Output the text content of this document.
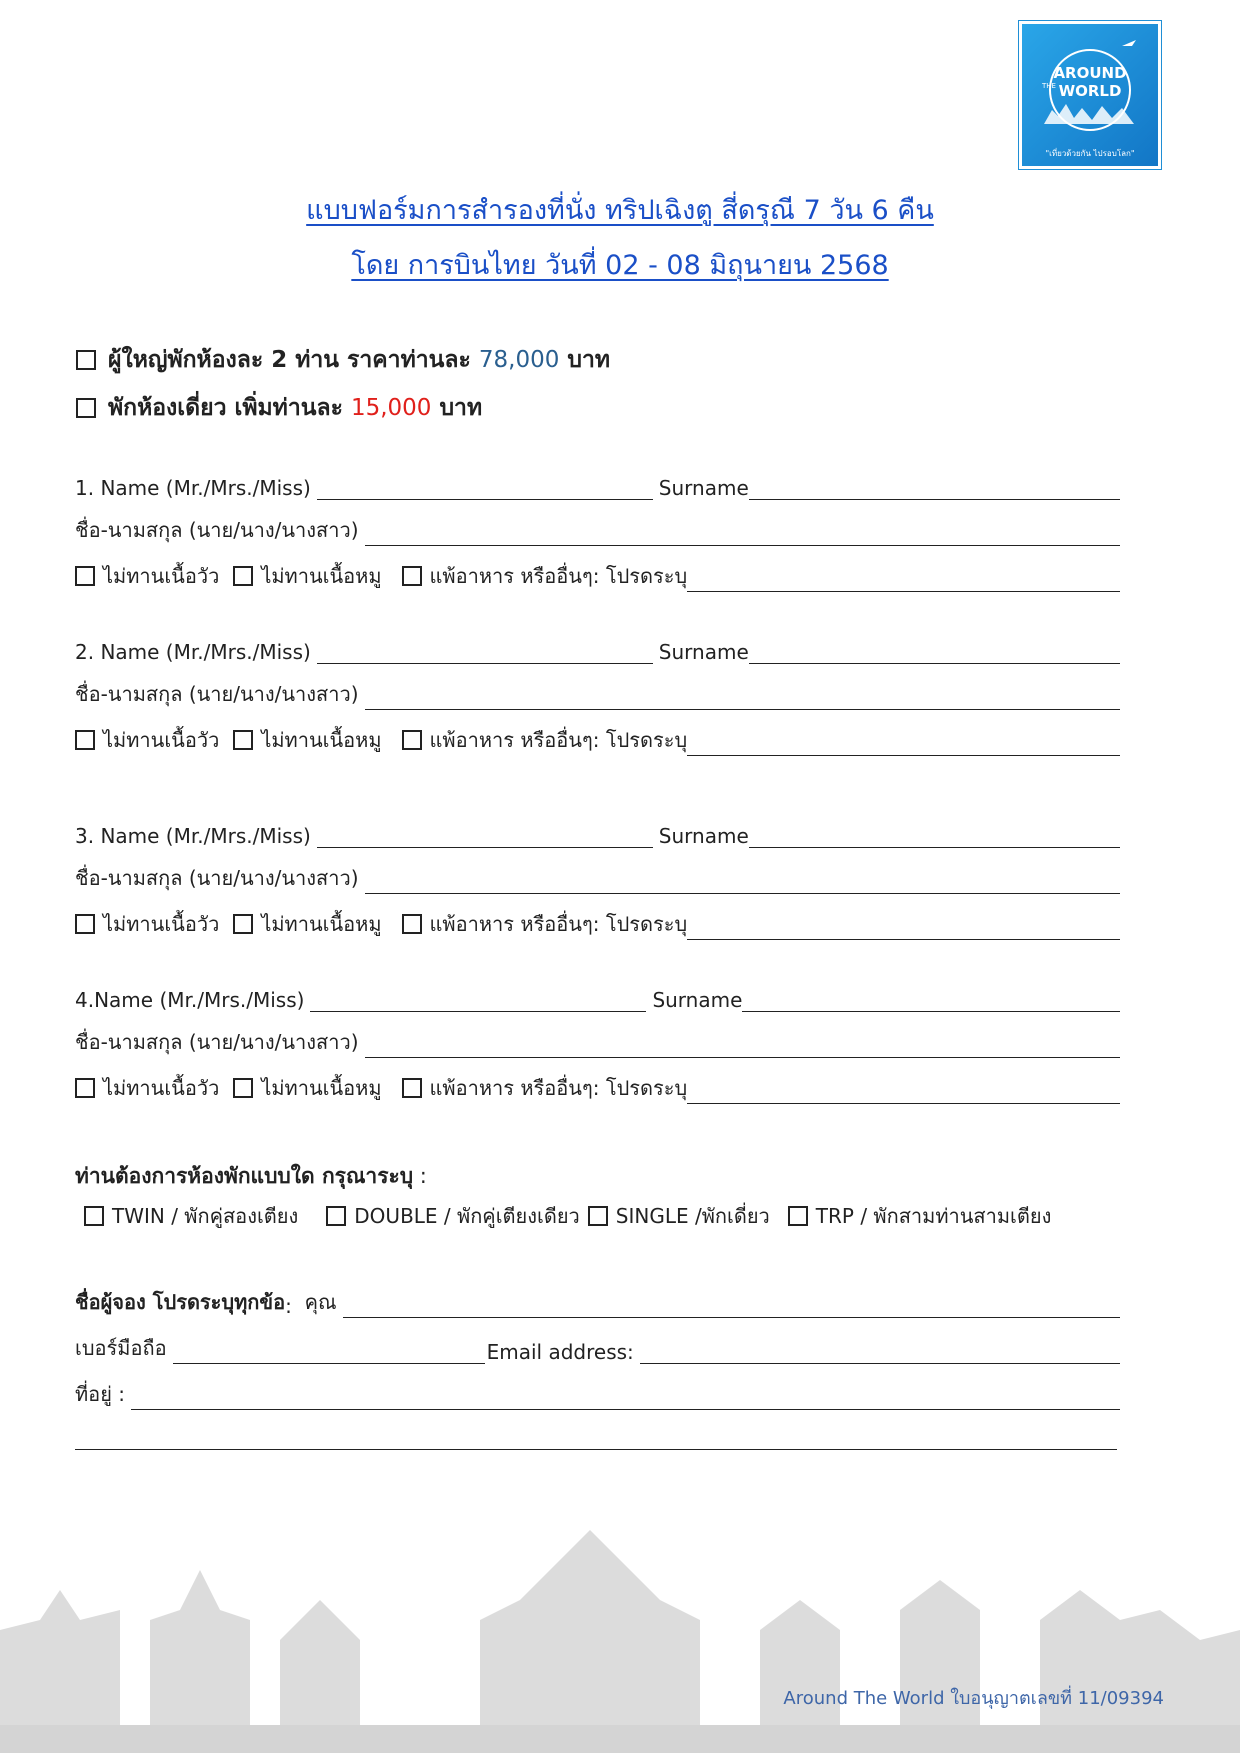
AROUND
THE WORLD
"เที่ยวด้วยกัน ไปรอบโลก"
แบบฟอร์มการสำรองที่นั่ง ทริปเฉิงตู สี่ดรุณี 7 วัน 6 คืน
โดย การบินไทย วันที่ 02 - 08 มิถุนายน 2568
ผู้ใหญ่พักห้องละ 2 ท่าน ราคาท่านละ
78,000
บาท
พักห้องเดี่ยว เพิ่มท่านละ
15,000
บาท
1. Name (Mr./Mrs./Miss)	Surname
ชื่อ-นามสกุล (นาย/นาง/นางสาว)
ไม่ทานเนื้อวัว ไม่ทานเนื้อหมู แพ้อาหาร หรืออื่นๆ: โปรดระบุ
2. Name (Mr./Mrs./Miss)	Surname
ชื่อ-นามสกุล (นาย/นาง/นางสาว)
ไม่ทานเนื้อวัว ไม่ทานเนื้อหมู แพ้อาหาร หรืออื่นๆ: โปรดระบุ
3. Name (Mr./Mrs./Miss)	Surname
ชื่อ-นามสกุล (นาย/นาง/นางสาว)
ไม่ทานเนื้อวัว ไม่ทานเนื้อหมู แพ้อาหาร หรืออื่นๆ: โปรดระบุ
4.Name (Mr./Mrs./Miss)	Surname
ชื่อ-นามสกุล (นาย/นาง/นางสาว)
ไม่ทานเนื้อวัว ไม่ทานเนื้อหมู แพ้อาหาร หรืออื่นๆ: โปรดระบุ
ท่านต้องการห้องพักแบบใด กรุณาระบุ :
TWIN / พักคู่สองเตียง	DOUBLE / พักคู่เตียงเดียว SINGLE /พักเดี่ยว TRP / พักสามท่านสามเตียง
ชื่อผู้จอง โปรดระบุทุกข้อ :
คุณ
เบอร์มือถือ	Email address:
ที่อยู่ :
Around The World ใบอนุญาตเลขที่ 11/09394
